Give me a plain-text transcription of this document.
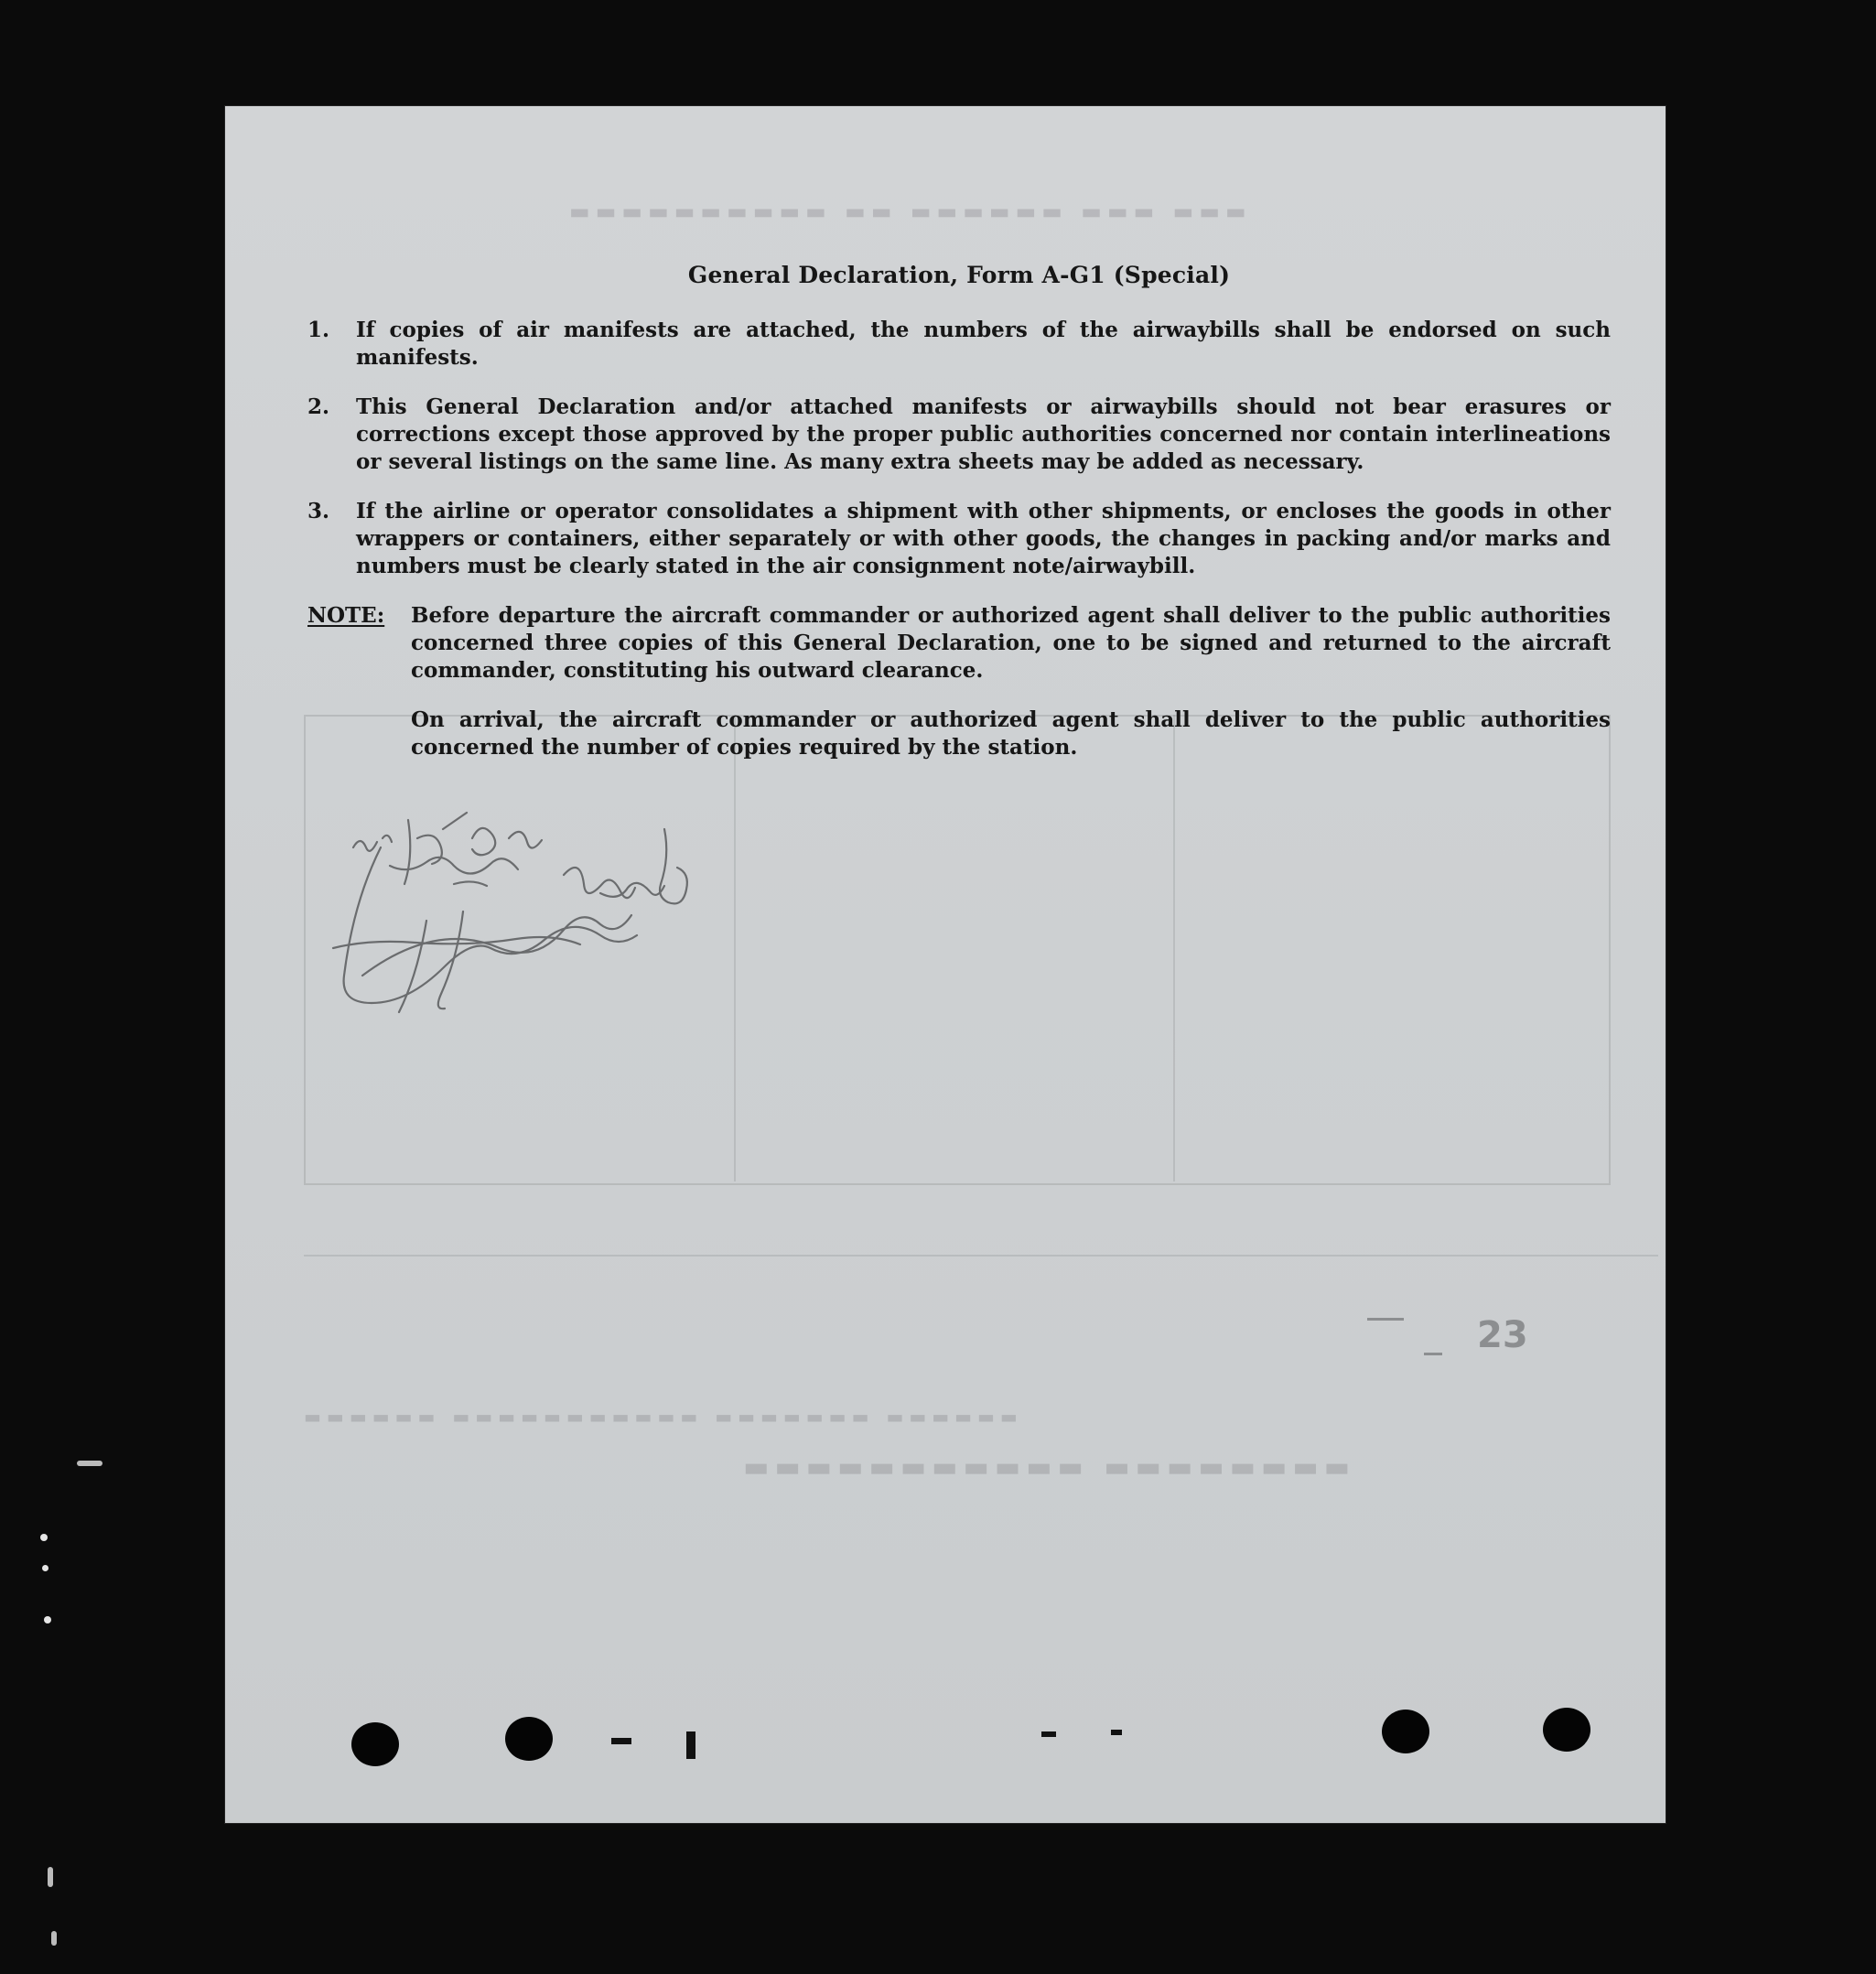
▬▬▬ ▬▬▬ ▬▬▬▬▬▬ ▬▬ ▬▬▬▬▬▬▬▬▬▬
▬▬▬▬▬▬▬▬ ▬▬▬▬▬▬▬▬▬▬▬
▬▬▬▬▬▬ ▬▬▬▬▬▬▬ ▬▬▬▬▬▬▬▬▬▬▬ ▬▬▬▬▬▬
General Declaration, Form A-G1 (Special)
1.	If copies of air manifests are attached, the numbers of the airwaybills shall be endorsed on such manifests.
2.	This General Declaration and/or attached manifests or airwaybills should not bear erasures or corrections except those approved by the proper public authorities concerned nor contain interlineations or several listings on the same line. As many extra sheets may be added as necessary.
3.	If the airline or operator consolidates a shipment with other shipments, or encloses the goods in other wrappers or containers, either separately or with other goods, the changes in packing and/or marks and numbers must be clearly stated in the air consignment note/airwaybill.
NOTE:	Before departure the aircraft commander or authorized agent shall deliver to the public authorities concerned three copies of this General Declaration, one to be signed and returned to the aircraft commander, constituting his outward clearance.

On arrival, the aircraft commander or authorized agent shall deliver to the public authorities concerned the number of copies required by the station.

23
